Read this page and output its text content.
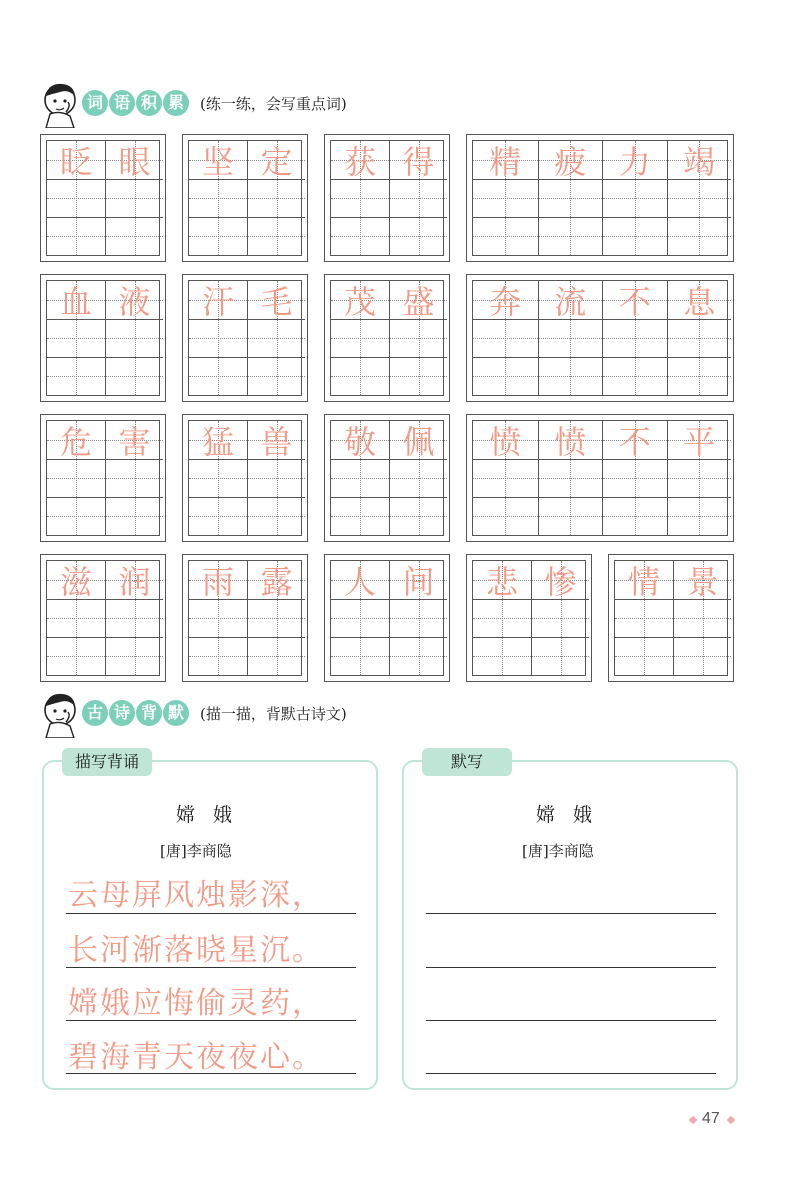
词 语 积 累	(练一练，会写重点词)
眨 眼	坚 定	获 得	精	疲	力	竭
血 液	汗 毛	茂 盛	奔	流	不	息
危 害	猛 兽	敬 佩	愤	愤	不	平
滋 润	雨 露	人 间	悲 惨	情 景
古 诗 背 默	(描一描，背默古诗文)
描写背诵
嫦娥
[唐]李商隐
云母屏风烛影深，
长河渐落晓星沉。
嫦娥应悔偷灵药，
碧海青天夜夜心。
默写
嫦娥
[唐]李商隐
47
